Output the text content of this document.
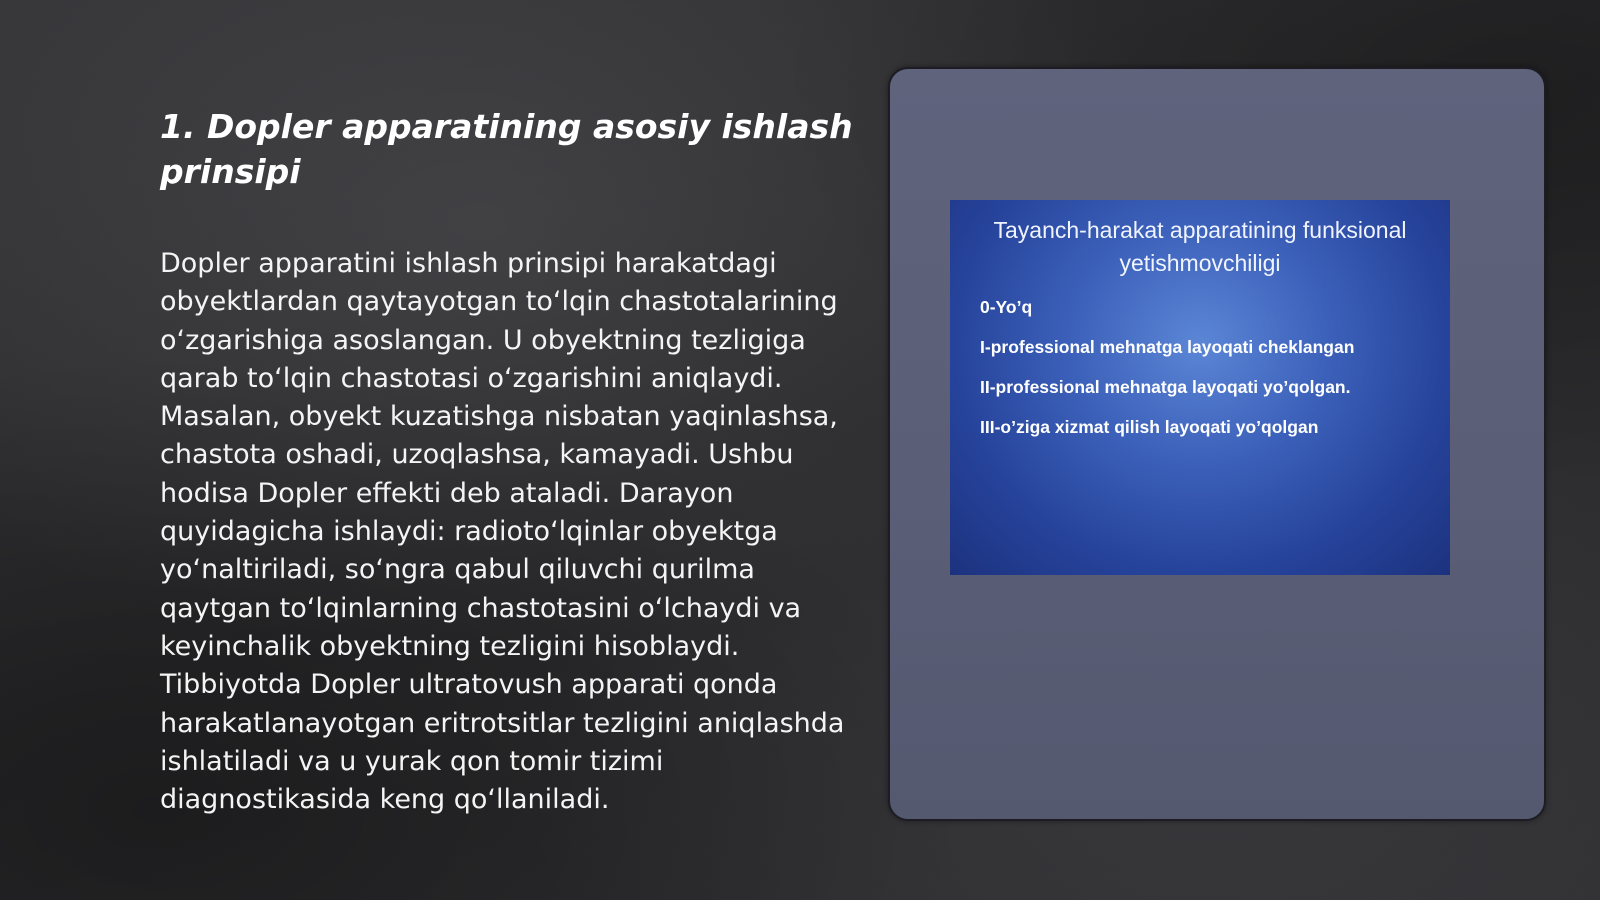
1. Dopler apparatining asosiy ishlash prinsipi

Dopler apparatini ishlash prinsipi harakatdagi obyektlardan qaytayotgan to‘lqin chastotalarining o‘zgarishiga asoslangan. U obyektning tezligiga qarab to‘lqin chastotasi o‘zgarishini aniqlaydi. Masalan, obyekt kuzatishga nisbatan yaqinlashsa, chastota oshadi, uzoqlashsa, kamayadi. Ushbu hodisa Dopler effekti deb ataladi. Darayon quyidagicha ishlaydi: radioto‘lqinlar obyektga yo‘naltiriladi, so‘ngra qabul qiluvchi qurilma qaytgan to‘lqinlarning chastotasini o‘lchaydi va keyinchalik obyektning tezligini hisoblaydi. Tibbiyotda Dopler ultratovush apparati qonda harakatlanayotgan eritrotsitlar tezligini aniqlashda ishlatiladi va u yurak qon tomir tizimi diagnostikasida keng qo‘llaniladi.

Tayanch-harakat apparatining funksional yetishmovchiligi
0-Yo’q
I-professional mehnatga layoqati cheklangan
II-professional mehnatga layoqati yo’qolgan.
III-o’ziga xizmat qilish layoqati yo’qolgan
